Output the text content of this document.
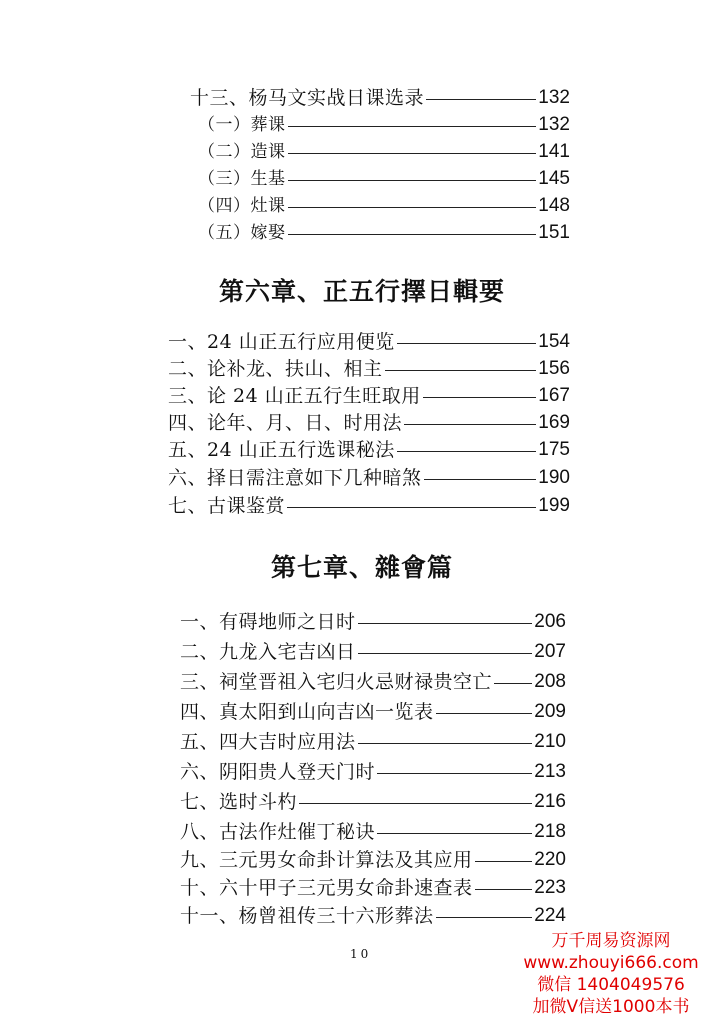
十三、杨马文实战日课选录	132
（一）葬课	132
（二）造课	141
（三）生基	145
（四）灶课	148
（五）嫁娶	151
第六章、正五行擇日輯要
一、24 山正五行应用便览	154
二、论补龙、扶山、相主	156
三、论 24 山正五行生旺取用	167
四、论年、月、日、时用法	169
五、24 山正五行选课秘法	175
六、择日需注意如下几种暗煞	190
七、古课鉴赏	199
第七章、雜會篇
一、有碍地师之日时	206
二、九龙入宅吉凶日	207
三、祠堂晋祖入宅归火忌财禄贵空亡 208
四、真太阳到山向吉凶一览表	209
五、四大吉时应用法	210
六、阴阳贵人登天门时	213
七、选时斗杓	216
八、古法作灶催丁秘诀	218
九、三元男女命卦计算法及其应用	220
十、六十甲子三元男女命卦速查表	223
十一、杨曾祖传三十六形葬法	224
10
万千周易资源网
www.zhouyi666.com
微信 1404049576
加微V信送1000本书
